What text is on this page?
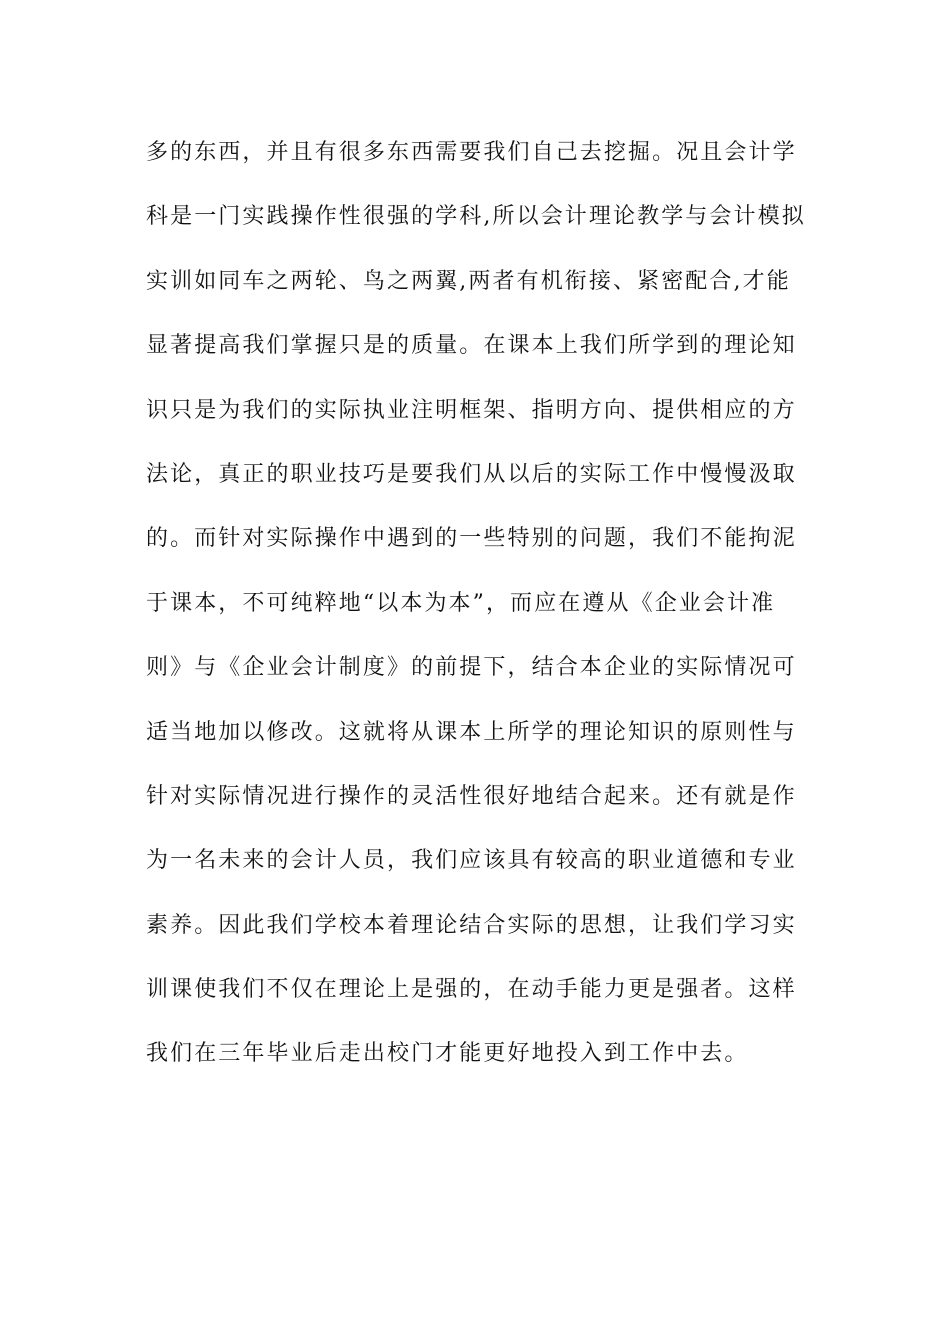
多的东西，并且有很多东西需要我们自己去挖掘。况且会计学
科是一门实践操作性很强的学科,所以会计理论教学与会计模拟
实训如同车之两轮、鸟之两翼,两者有机衔接、紧密配合,才能
显著提高我们掌握只是的质量。在课本上我们所学到的理论知
识只是为我们的实际执业注明框架、指明方向、提供相应的方
法论，真正的职业技巧是要我们从以后的实际工作中慢慢汲取
的。而针对实际操作中遇到的一些特别的问题，我们不能拘泥
于课本，不可纯粹地“以本为本”，而应在遵从《企业会计准
则》与《企业会计制度》的前提下，结合本企业的实际情况可
适当地加以修改。这就将从课本上所学的理论知识的原则性与
针对实际情况进行操作的灵活性很好地结合起来。还有就是作
为一名未来的会计人员，我们应该具有较高的职业道德和专业
素养。因此我们学校本着理论结合实际的思想，让我们学习实
训课使我们不仅在理论上是强的，在动手能力更是强者。这样
我们在三年毕业后走出校门才能更好地投入到工作中去。
